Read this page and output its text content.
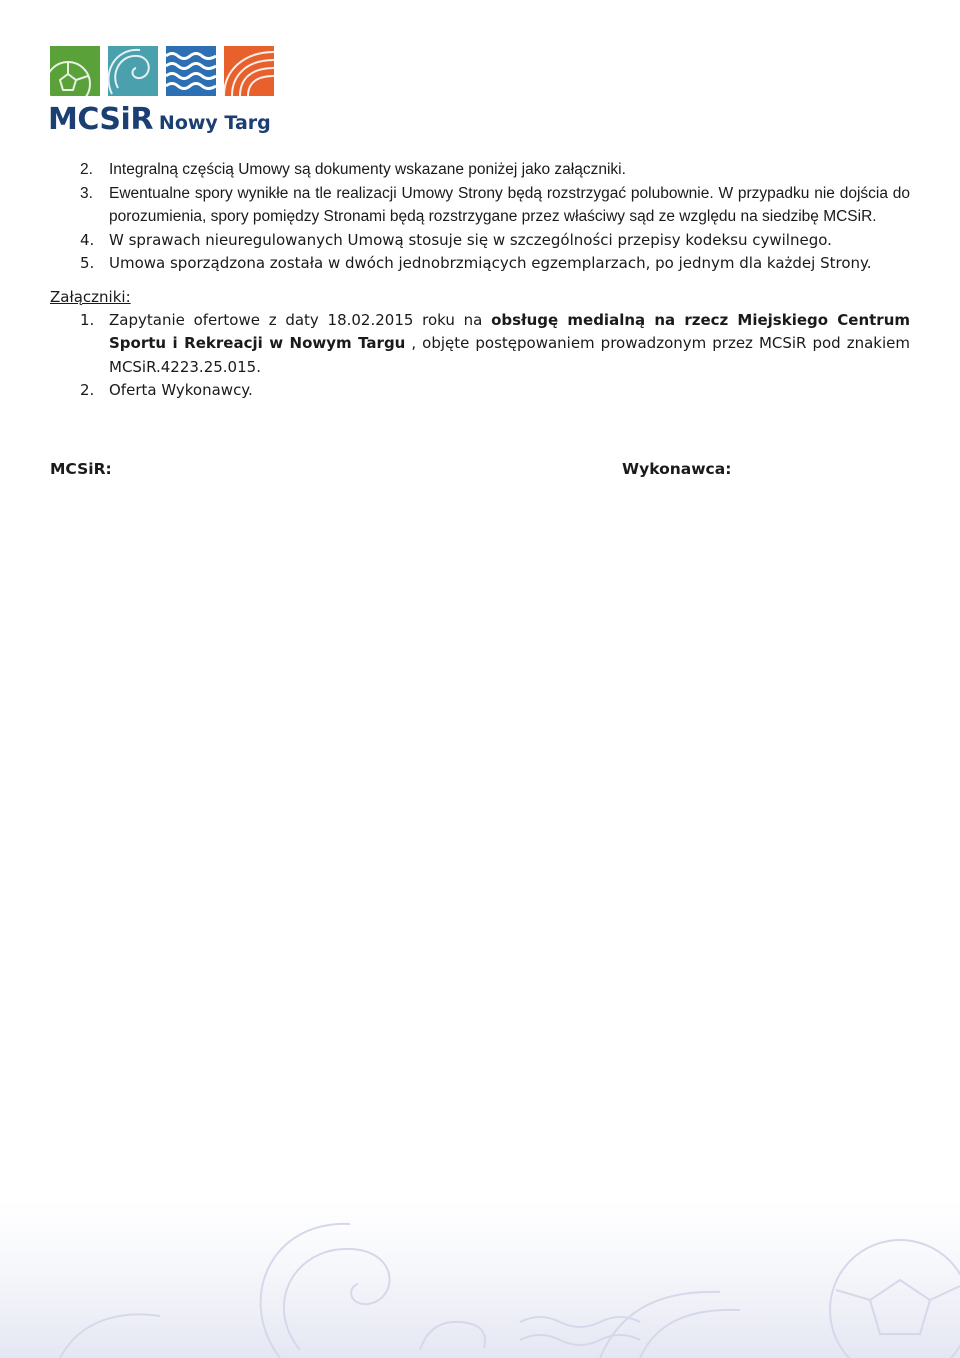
MCSiR Nowy Targ
2. Integralną częścią Umowy są dokumenty wskazane poniżej jako załączniki.
3. Ewentualne spory wynikłe na tle realizacji Umowy Strony będą rozstrzygać polubownie. W przypadku nie dojścia do porozumienia, spory pomiędzy Stronami będą rozstrzygane przez właściwy sąd ze względu na siedzibę MCSiR.
4. W sprawach nieuregulowanych Umową stosuje się w szczególności przepisy kodeksu cywilnego.
5. Umowa sporządzona została w dwóch jednobrzmiących egzemplarzach, po jednym dla każdej Strony.
Załączniki:
1. Zapytanie ofertowe z daty 18.02.2015 roku na obsługę medialną na rzecz Miejskiego Centrum Sportu i Rekreacji w Nowym Targu , objęte postępowaniem prowadzonym przez MCSiR pod znakiem MCSiR.4223.25.015.
2. Oferta Wykonawcy.
MCSiR:	Wykonawca:
